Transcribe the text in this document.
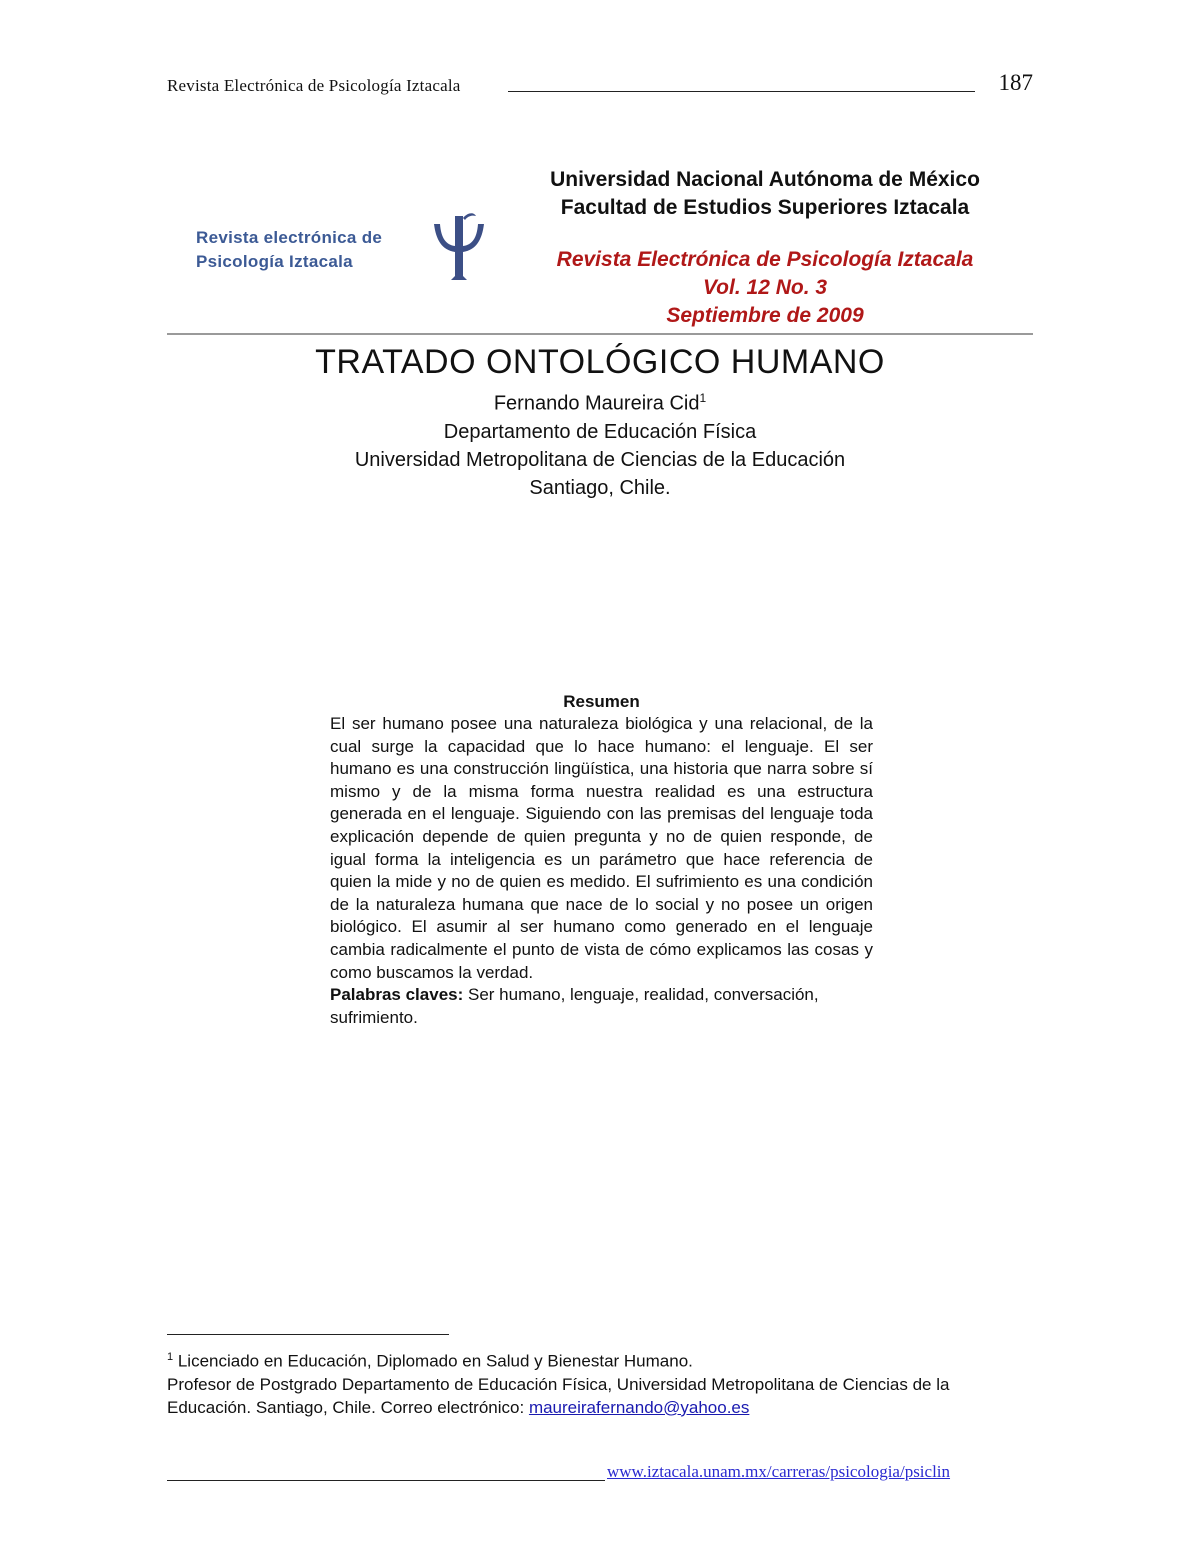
Revista Electrónica de Psicología Iztacala	187
Revista electrónica de
Psicología Iztacala
Universidad Nacional Autónoma de México
Facultad de Estudios Superiores Iztacala
Revista Electrónica de Psicología Iztacala
Vol. 12 No. 3
Septiembre de 2009
TRATADO ONTOLÓGICO HUMANO
Fernando Maureira Cid$^1$
Departamento de Educación Física
Universidad Metropolitana de Ciencias de la Educación
Santiago, Chile.
Resumen

El ser humano posee una naturaleza biológica y una relacional, de la cual surge la capacidad que lo hace humano: el lenguaje. El ser humano es una construcción lingüística, una historia que narra sobre sí mismo y de la misma forma nuestra realidad es una estructura generada en el lenguaje. Siguiendo con las premisas del lenguaje toda explicación depende de quien pregunta y no de quien responde, de igual forma la inteligencia es un parámetro que hace referencia de quien la mide y no de quien es medido. El sufrimiento es una condición de la naturaleza humana que nace de lo social y no posee un origen biológico. El asumir al ser humano como generado en el lenguaje cambia radicalmente el punto de vista de cómo explicamos las cosas y como buscamos la verdad.

Palabras claves: Ser humano, lenguaje, realidad, conversación, sufrimiento.

$^1$ Licenciado en Educación, Diplomado en Salud y Bienestar Humano.
Profesor de Postgrado Departamento de Educación Física, Universidad Metropolitana de Ciencias de la Educación. Santiago, Chile. Correo electrónico: maureirafernando@yahoo.es
www.iztacala.unam.mx/carreras/psicologia/psiclin
